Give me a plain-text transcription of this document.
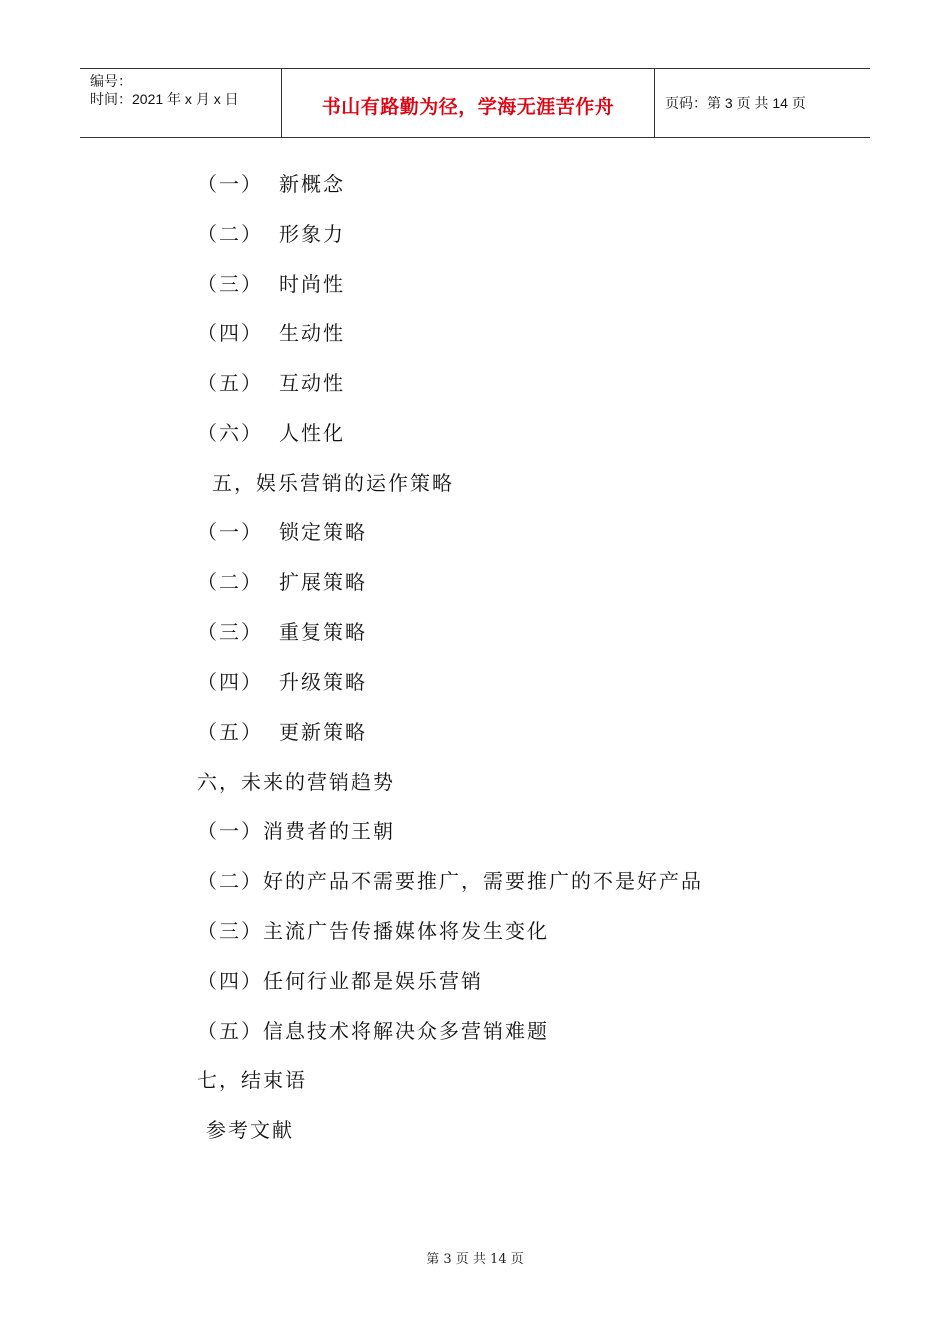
编号：
时间：2021 年 x 月 x 日	书山有路勤为径，学海无涯苦作舟	页码：第 3 页 共 14 页
（一） 新概念
（二） 形象力
（三） 时尚性
（四） 生动性
（五） 互动性
（六） 人性化
五，娱乐营销的运作策略
（一） 锁定策略
（二） 扩展策略
（三） 重复策略
（四） 升级策略
（五） 更新策略
六，未来的营销趋势
（一）消费者的王朝
（二）好的产品不需要推广，需要推广的不是好产品
（三）主流广告传播媒体将发生变化
（四）任何行业都是娱乐营销
（五）信息技术将解决众多营销难题
七，结束语
参考文献
第 3 页 共 14 页
